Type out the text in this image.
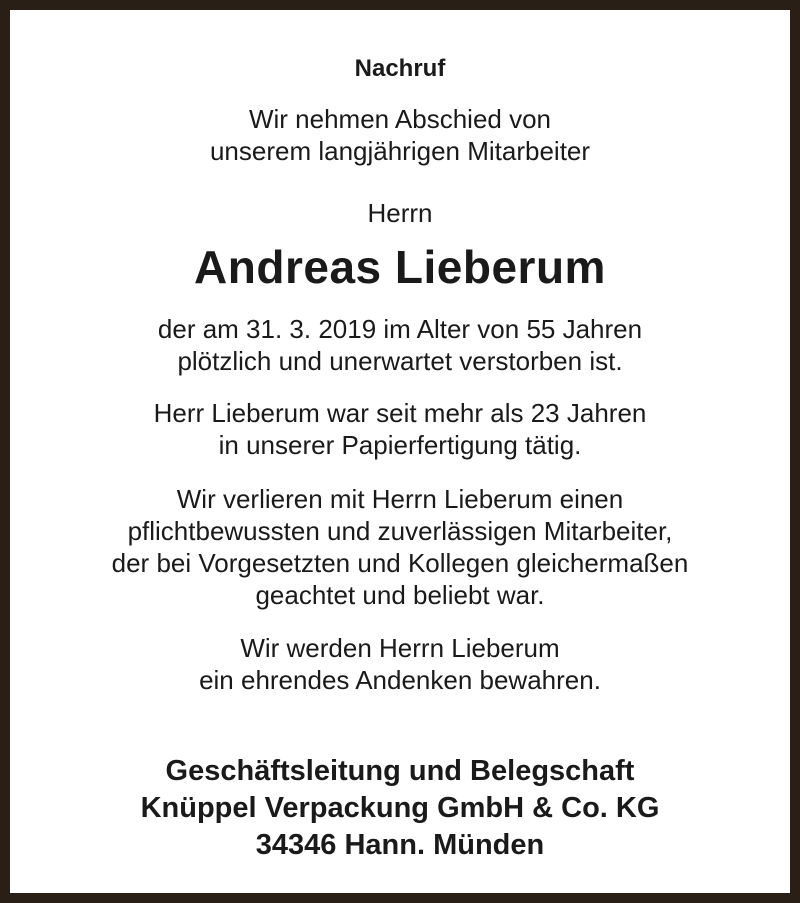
Nachruf
Wir nehmen Abschied von
unserem langjährigen Mitarbeiter
Herrn
Andreas Lieberum
der am 31. 3. 2019 im Alter von 55 Jahren
plötzlich und unerwartet verstorben ist.
Herr Lieberum war seit mehr als 23 Jahren
in unserer Papierfertigung tätig.
Wir verlieren mit Herrn Lieberum einen
pflichtbewussten und zuverlässigen Mitarbeiter,
der bei Vorgesetzten und Kollegen gleichermaßen
geachtet und beliebt war.
Wir werden Herrn Lieberum
ein ehrendes Andenken bewahren.
Geschäftsleitung und Belegschaft
Knüppel Verpackung GmbH & Co. KG
34346 Hann. Münden
